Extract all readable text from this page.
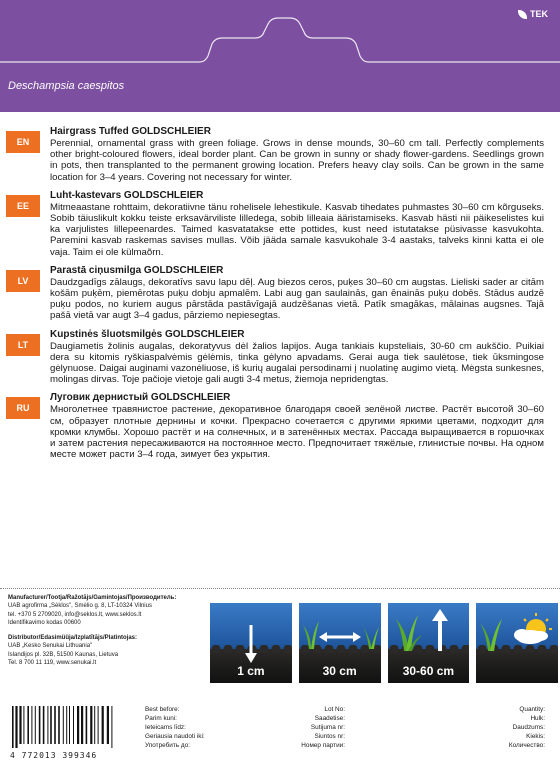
TEK
Deschampsia caespitos
EN
Hairgrass Tuffed GOLDSCHLEIER
Perennial, ornamental grass with green foliage. Grows in dense mounds, 30–60 cm tall. Perfectly complements other bright-coloured flowers, ideal border plant. Can be grown in sunny or shady flower-gardens. Seedlings grown in pots, then transplanted to the permanent growing location. Prefers heavy clay soils. Can be grown in the same location for 3–4 years. Covering not necessary for winter.
EE
Luht-kastevars GOLDSCHLEIER
Mitmeaastane rohttaim, dekoratiivne tänu rohelisele lehestikule. Kasvab tihedates puhmastes 30–60 cm kõrguseks. Sobib täiuslikult kokku teiste erksavärviliste lilledega, sobib lilleaia ääristamiseks. Kasvab hästi nii päikeselistes kui ka varjulistes lillepeenardes. Taimed kasvatatakse ette pottides, kust need istutatakse püsivasse kasvukohta. Paremini kasvab raskemas savises mullas. Võib jääda samale kasvukohale 3-4 aastaks, talveks kinni katta ei ole vaja. Taim ei ole külmaõrn.
LV
Parastā ciņusmilga GOLDSCHLEIER
Daudzgadīgs zālaugs, dekoratīvs savu lapu dēļ. Aug biezos ceros, puķes 30–60 cm augstas. Lieliski sader ar citām košām puķēm, piemērotas puķu dobju apmalēm. Labi aug gan saulainās, gan ēnainās puķu dobēs. Stādus audzē puķu podos, no kuriem augus pārstāda pastāvīgajā audzēšanas vietā. Patīk smagākas, mālainas augsnes. Tajā pašā vietā var augt 3–4 gadus, pārziemo nepiesegtas.
LT
Kupstinės šluotsmilgės GOLDSCHLEIER
Daugiametis žolinis augalas, dekoratyvus dėl žalios lapijos. Auga tankiais kupsteliais, 30-60 cm aukščio. Puikiai dera su kitomis ryškiaspalvėmis gėlėmis, tinka gėlyno apvadams. Gerai auga tiek saulėtose, tiek ūksmingose gėlynuose. Daigai auginami vazonėliuose, iš kurių augalai persodinami į nuolatinę augimo vietą. Mėgsta sunkesnes, molingas dirvas. Toje pačioje vietoje gali augti 3-4 metus, žiemoja nepridengtas.
RU
Луговик дернистый GOLDSCHLEIER
Многолетнее травянистое растение, декоративное благодаря своей зелёной листве. Растёт высотой 30–60 см, образует плотные дернины и кочки. Прекрасно сочетается с другими яркими цветами, подходит для кромки клумбы. Хорошо растёт и на солнечных, и в затенённых местах. Рассада выращивается в горшочках и затем растения пересаживаются на постоянное место. Предпочитает тяжёлые, глинистые почвы. На одном месте может расти 3–4 года, зимует без укрытия.
Manufacturer/Tootja/Ražotājs/Gamintojas/Производитель:
UAB agrofirma „Sėklos", Smėlio g. 8, LT-10324 Vilnius
tel. +370 5 2709020, info@seklos.lt, www.seklos.lt
Identifikavimo kodas 00600
Distributor/Edasimüüja/Izplatītājs/Platintojas:
UAB „Kesko Senukai Lithuania"
Islandijos pl. 32B, 51500 Kaunas, Lietuva
Tel. 8 700 11 119, www.senukai.lt
1 cm	30 cm	30-60 cm
4 772013 399346
Best before:
Parim kuni:
Ieteicams līdz:
Geriausia naudoti iki:
Употребить до:
Lot No:
Saadetise:
Sutijuma nr:
Siuntos nr:
Номер партии:
Quantity:
Hulk:
Daudzums:
Kiekis:
Количество:
